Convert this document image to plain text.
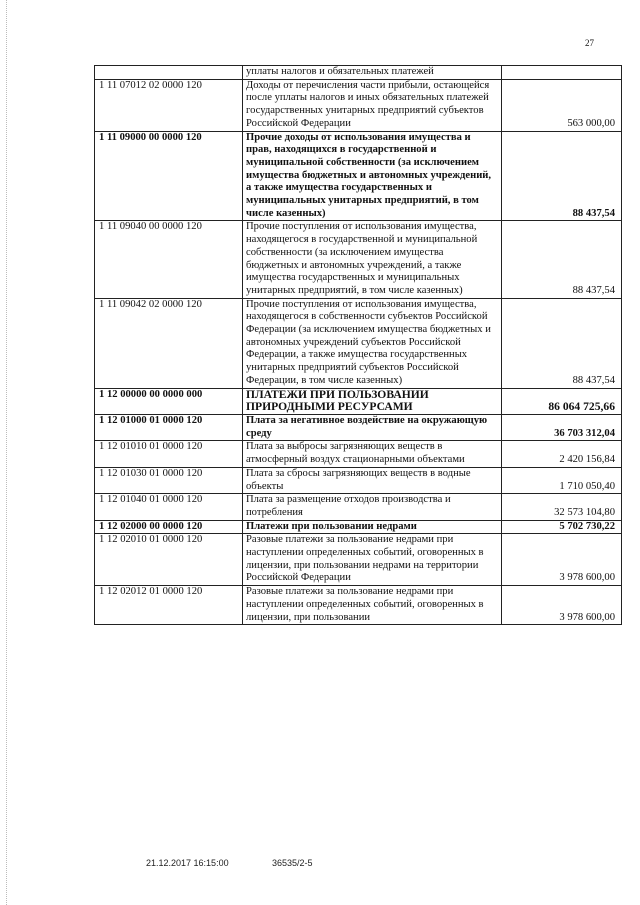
27
	уплаты налогов и обязательных платежей	
1 11 07012 02 0000 120	Доходы от перечисления части прибыли, остающейся после уплаты налогов и иных обязательных платежей государственных унитарных предприятий субъектов Российской Федерации	563 000,00
1 11 09000 00 0000 120	Прочие доходы от использования имущества и прав, находящихся в государственной и муниципальной собственности (за исключением имущества бюджетных и автономных учреждений, а также имущества государственных и муниципальных унитарных предприятий, в том числе казенных)	88 437,54
1 11 09040 00 0000 120	Прочие поступления от использования имущества, находящегося в государственной и муниципальной собственности (за исключением имущества бюджетных и автономных учреждений, а также имущества государственных и муниципальных унитарных предприятий, в том числе казенных)	88 437,54
1 11 09042 02 0000 120	Прочие поступления от использования имущества, находящегося в собственности субъектов Российской Федерации (за исключением имущества бюджетных и автономных учреждений субъектов Российской Федерации, а также имущества государственных унитарных предприятий субъектов Российской Федерации, в том числе казенных)	88 437,54
1 12 00000 00 0000 000	ПЛАТЕЖИ ПРИ ПОЛЬЗОВАНИИ ПРИРОДНЫМИ РЕСУРСАМИ	86 064 725,66
1 12 01000 01 0000 120	Плата за негативное воздействие на окружающую среду	36 703 312,04
1 12 01010 01 0000 120	Плата за выбросы загрязняющих веществ в атмосферный воздух стационарными объектами	2 420 156,84
1 12 01030 01 0000 120	Плата за сбросы загрязняющих веществ в водные объекты	1 710 050,40
1 12 01040 01 0000 120	Плата за размещение отходов производства и потребления	32 573 104,80
1 12 02000 00 0000 120	Платежи при пользовании недрами	5 702 730,22
1 12 02010 01 0000 120	Разовые платежи за пользование недрами при наступлении определенных событий, оговоренных в лицензии, при пользовании недрами на территории Российской Федерации	3 978 600,00
1 12 02012 01 0000 120	Разовые платежи за пользование недрами при наступлении определенных событий, оговоренных в лицензии, при пользовании	3 978 600,00
21.12.2017 16:15:00	36535/2-5
